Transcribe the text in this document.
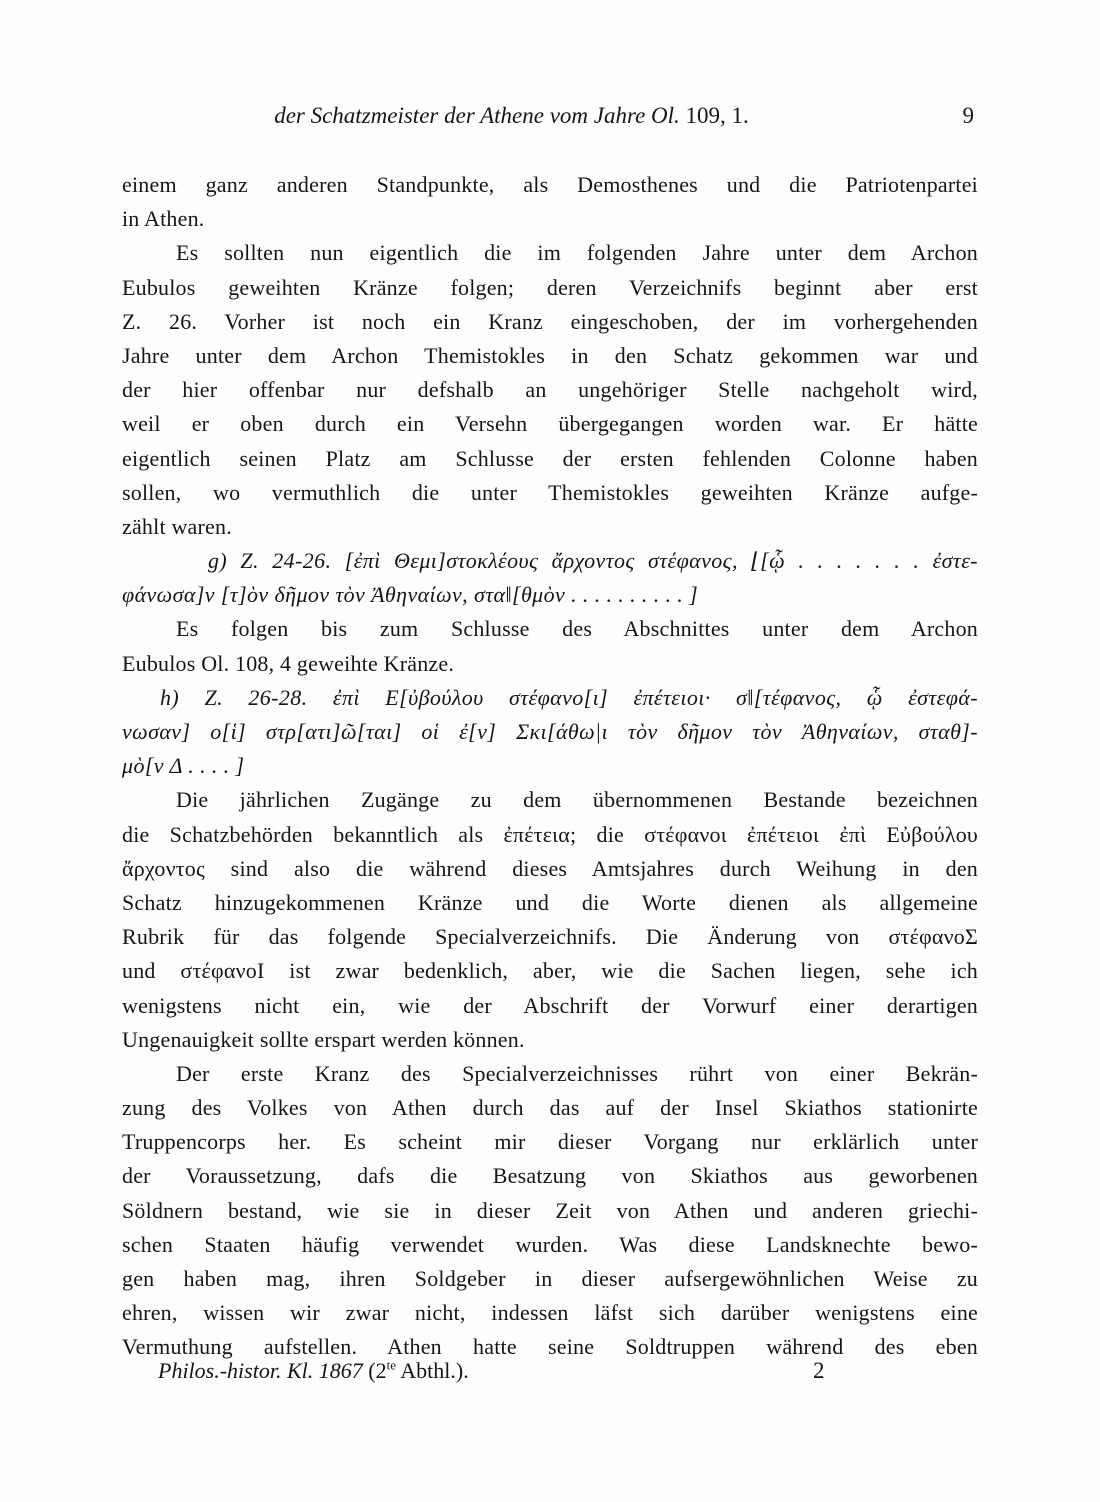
der Schatzmeister der Athene vom Jahre Ol. 109, 1.	9
einem ganz anderen Standpunkte, als Demosthenes und die Patriotenpartei
in Athen.
Es sollten nun eigentlich die im folgenden Jahre unter dem Archon
Eubulos geweihten Kränze folgen; deren Verzeichnifs beginnt aber erst
Z. 26. Vorher ist noch ein Kranz eingeschoben, der im vorhergehenden
Jahre unter dem Archon Themistokles in den Schatz gekommen war und
der hier offenbar nur defshalb an ungehöriger Stelle nachgeholt wird,
weil er oben durch ein Versehn übergegangen worden war. Er hätte
eigentlich seinen Platz am Schlusse der ersten fehlenden Colonne haben
sollen, wo vermuthlich die unter Themistokles geweihten Kränze aufge-
zählt waren.
g) Z. 24-26. [ἐπὶ Θεμι]στοκλέους ἄρχοντος στέφανος, ⌊[ᾧ . . . . . . . ἐστε-
φάνωσα]ν [τ]ὸν δῆμον τὸν Ἀθηναίων, στα‖[θμὸν . . . . . . . . . . ]
Es folgen bis zum Schlusse des Abschnittes unter dem Archon
Eubulos Ol. 108, 4 geweihte Kränze.
h) Z. 26-28. ἐπὶ Ε[ὐβούλου στέφανο[ι] ἐπέτειοι· σ‖[τέφανος, ᾧ ἐστεφά-
νωσαν] ο[ἱ] στρ[ατι]ῶ[ται] οἱ ἐ[ν] Σκι[άθω|ι τὸν δῆμον τὸν Ἀθηναίων, σταθ]-
μὸ[ν Δ . . . . ]
Die jährlichen Zugänge zu dem übernommenen Bestande bezeichnen
die Schatzbehörden bekanntlich als ἐπέτεια; die στέφανοι ἐπέτειοι ἐπὶ Εὐβούλου
ἄρχοντος sind also die während dieses Amtsjahres durch Weihung in den
Schatz hinzugekommenen Kränze und die Worte dienen als allgemeine
Rubrik für das folgende Specialverzeichnifs. Die Änderung von στέφανοΣ
und στέφανοΙ ist zwar bedenklich, aber, wie die Sachen liegen, sehe ich
wenigstens nicht ein, wie der Abschrift der Vorwurf einer derartigen
Ungenauigkeit sollte erspart werden können.
Der erste Kranz des Specialverzeichnisses rührt von einer Bekrän-
zung des Volkes von Athen durch das auf der Insel Skiathos stationirte
Truppencorps her. Es scheint mir dieser Vorgang nur erklärlich unter
der Voraussetzung, dafs die Besatzung von Skiathos aus geworbenen
Söldnern bestand, wie sie in dieser Zeit von Athen und anderen griechi-
schen Staaten häufig verwendet wurden. Was diese Landsknechte bewo-
gen haben mag, ihren Soldgeber in dieser aufsergewöhnlichen Weise zu
ehren, wissen wir zwar nicht, indessen läfst sich darüber wenigstens eine
Vermuthung aufstellen. Athen hatte seine Soldtruppen während des eben
Philos.-histor. Kl. 1867 ($2^{te}$ Abthl.).	2
